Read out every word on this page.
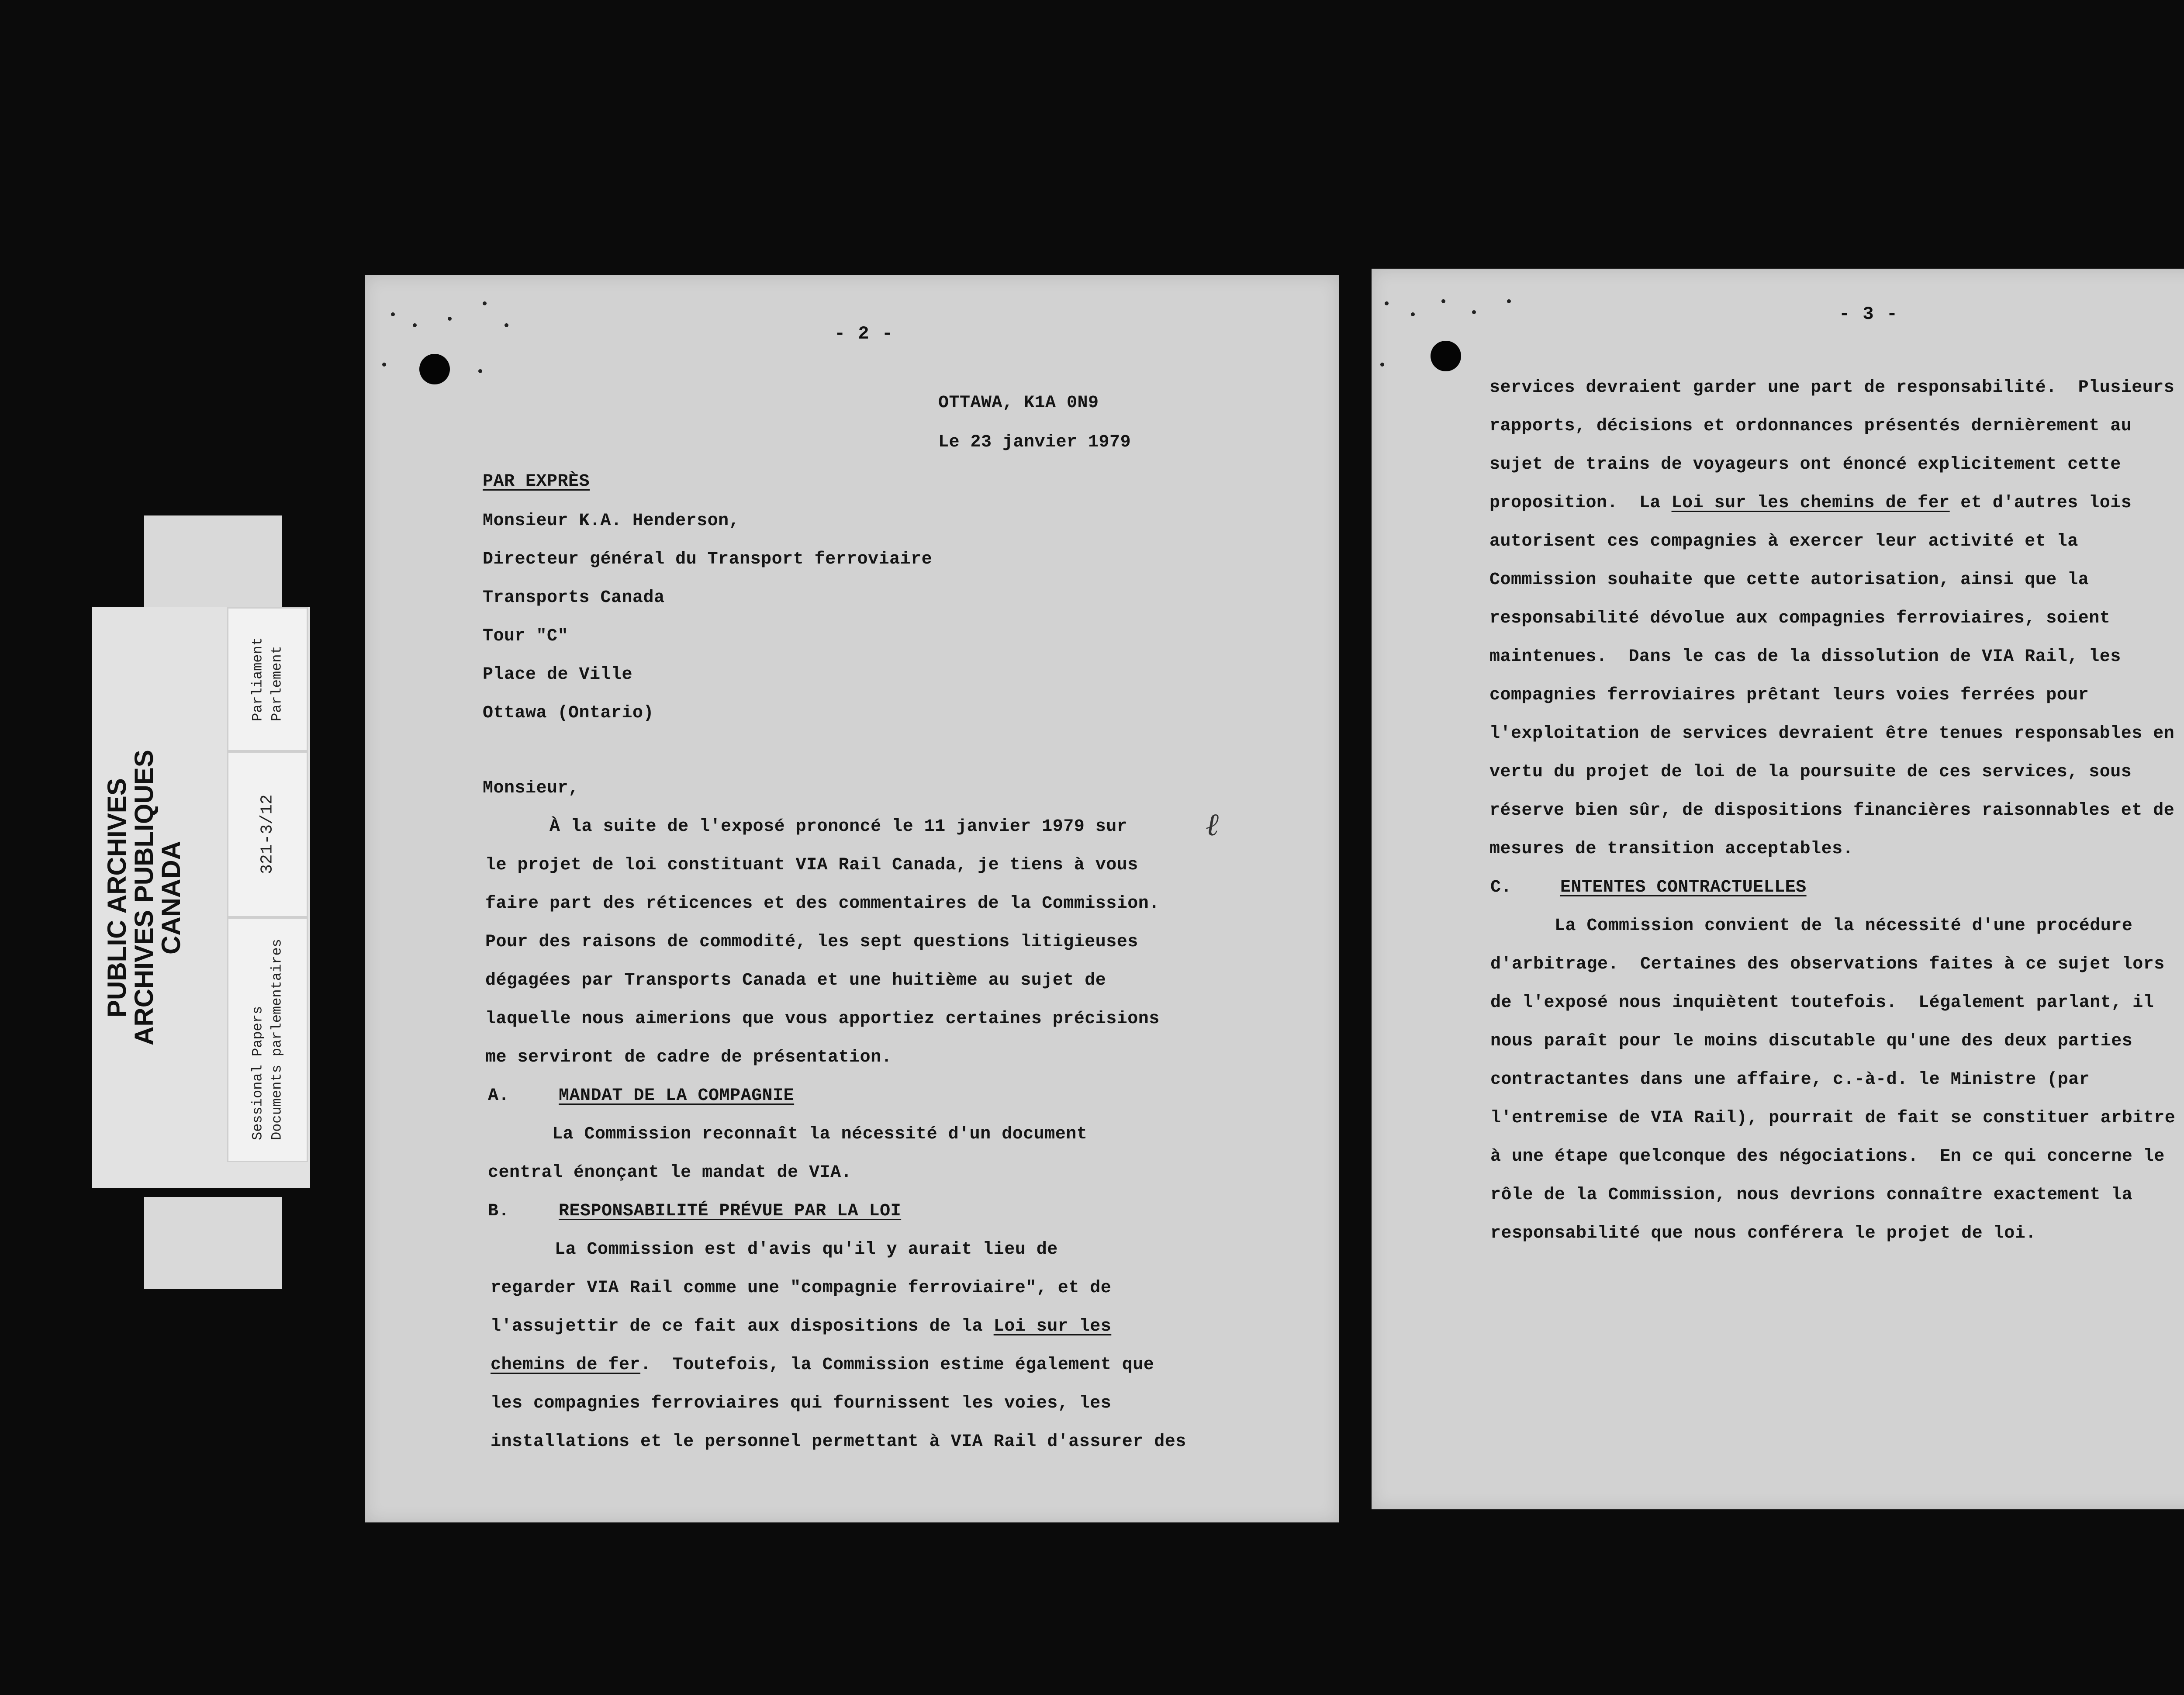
PUBLIC ARCHIVES
ARCHIVES PUBLIQUES
CANADA
Parliament
Parlement
321-3/12
Sessional Papers
Documents parlementaires
- 2 -
OTTAWA, K1A 0N9
Le 23 janvier 1979
PAR EXPRÈS
Monsieur K.A. Henderson,
Directeur général du Transport ferroviaire
Transports Canada
Tour "C"
Place de Ville
Ottawa (Ontario)
Monsieur,
À la suite de l'exposé prononcé le 11 janvier 1979 sur ℓ
le projet de loi constituant VIA Rail Canada, je tiens à vous
faire part des réticences et des commentaires de la Commission.
Pour des raisons de commodité, les sept questions litigieuses
dégagées par Transports Canada et une huitième au sujet de
laquelle nous aimerions que vous apportiez certaines précisions
me serviront de cadre de présentation.
A.	MANDAT DE LA COMPAGNIE
La Commission reconnaît la nécessité d'un document
central énonçant le mandat de VIA.
B.	RESPONSABILITÉ PRÉVUE PAR LA LOI
La Commission est d'avis qu'il y aurait lieu de
regarder VIA Rail comme une "compagnie ferroviaire", et de
l'assujettir de ce fait aux dispositions de la Loi sur les
chemins de fer.  Toutefois, la Commission estime également que
les compagnies ferroviaires qui fournissent les voies, les
installations et le personnel permettant à VIA Rail d'assurer des
- 3 -
services devraient garder une part de responsabilité.  Plusieurs
rapports, décisions et ordonnances présentés dernièrement au
sujet de trains de voyageurs ont énoncé explicitement cette
proposition.  La Loi sur les chemins de fer et d'autres lois
autorisent ces compagnies à exercer leur activité et la
Commission souhaite que cette autorisation, ainsi que la
responsabilité dévolue aux compagnies ferroviaires, soient
maintenues.  Dans le cas de la dissolution de VIA Rail, les
compagnies ferroviaires prêtant leurs voies ferrées pour
l'exploitation de services devraient être tenues responsables en
vertu du projet de loi de la poursuite de ces services, sous
réserve bien sûr, de dispositions financières raisonnables et de
mesures de transition acceptables.
C.	ENTENTES CONTRACTUELLES
La Commission convient de la nécessité d'une procédure
d'arbitrage.  Certaines des observations faites à ce sujet lors
de l'exposé nous inquiètent toutefois.  Légalement parlant, il
nous paraît pour le moins discutable qu'une des deux parties
contractantes dans une affaire, c.-à-d. le Ministre (par
l'entremise de VIA Rail), pourrait de fait se constituer arbitre
à une étape quelconque des négociations.  En ce qui concerne le
rôle de la Commission, nous devrions connaître exactement la
responsabilité que nous conférera le projet de loi.
